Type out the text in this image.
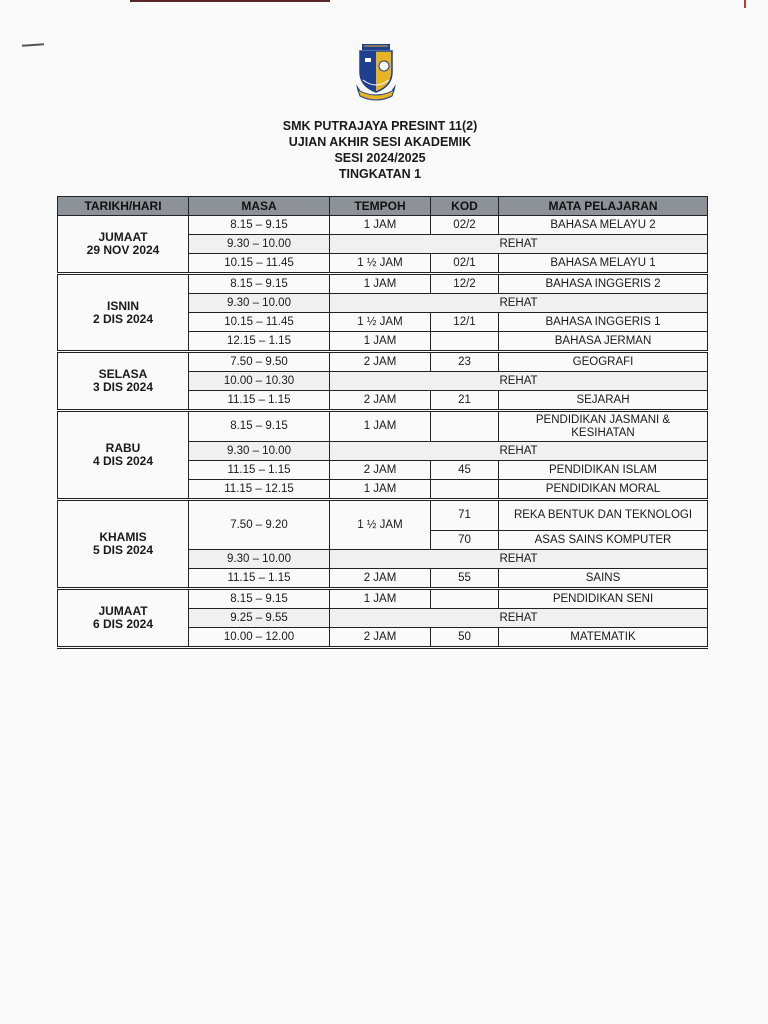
SMK PUTRAJAYA PRESINT 11(2)
UJIAN AKHIR SESI AKADEMIK
SESI 2024/2025
TINGKATAN 1
TARIKH/HARI	MASA	TEMPOH	KOD	MATA PELAJARAN

JUMAAT
29 NOV 2024	8.15 – 9.15	1 JAM	02/2	BAHASA MELAYU 2
	9.30 – 10.00	REHAT		
	10.15 – 11.45	1 ½ JAM	02/1	BAHASA MELAYU 1

ISNIN
2 DIS 2024	8.15 – 9.15	1 JAM	12/2	BAHASA INGGERIS 2
	9.30 – 10.00	REHAT		
	10.15 – 11.45	1 ½ JAM	12/1	BAHASA INGGERIS 1
	12.15 – 1.15	1 JAM		BAHASA JERMAN

SELASA
3 DIS 2024	7.50 – 9.50	2 JAM	23	GEOGRAFI
	10.00 – 10.30	REHAT		
	11.15 – 1.15	2 JAM	21	SEJARAH

RABU
4 DIS 2024	8.15 – 9.15	1 JAM		PENDIDIKAN JASMANI & KESIHATAN
	9.30 – 10.00	REHAT		
	11.15 – 1.15	2 JAM	45	PENDIDIKAN ISLAM
	11.15 – 12.15	1 JAM		PENDIDIKAN MORAL

KHAMIS
5 DIS 2024	7.50 – 9.20	1 ½ JAM	71	REKA BENTUK DAN TEKNOLOGI
			70	ASAS SAINS KOMPUTER
	9.30 – 10.00	REHAT		
	11.15 – 1.15	2 JAM	55	SAINS

JUMAAT
6 DIS 2024	8.15 – 9.15	1 JAM		PENDIDIKAN SENI
	9.25 – 9.55	REHAT		
	10.00 – 12.00	2 JAM	50	MATEMATIK
